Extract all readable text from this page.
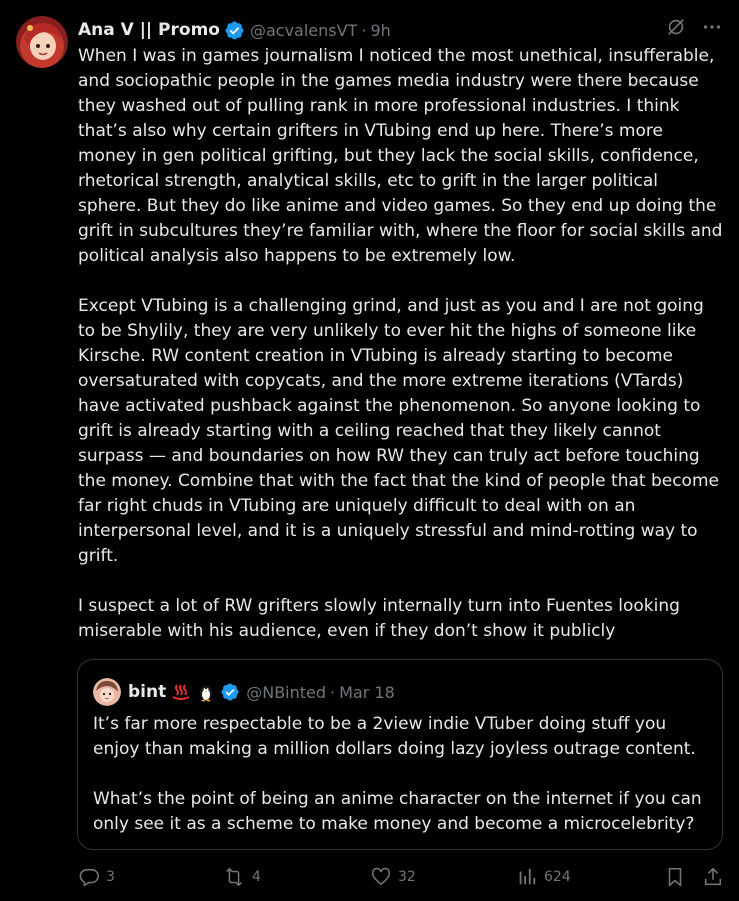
Ana V || Promo @acvalensVT · 9h

When I was in games journalism I noticed the most unethical, insufferable, and sociopathic people in the games media industry were there because they washed out of pulling rank in more professional industries. I think that’s also why certain grifters in VTubing end up here. There’s more money in gen political grifting, but they lack the social skills, confidence, rhetorical strength, analytical skills, etc to grift in the larger political sphere. But they do like anime and video games. So they end up doing the grift in subcultures they’re familiar with, where the floor for social skills and political analysis also happens to be extremely low.

Except VTubing is a challenging grind, and just as you and I are not going to be Shylily, they are very unlikely to ever hit the highs of someone like Kirsche. RW content creation in VTubing is already starting to become oversaturated with copycats, and the more extreme iterations (VTards) have activated pushback against the phenomenon. So anyone looking to grift is already starting with a ceiling reached that they likely cannot surpass — and boundaries on how RW they can truly act before touching the money. Combine that with the fact that the kind of people that become far right chuds in VTubing are uniquely difficult to deal with on an interpersonal level, and it is a uniquely stressful and mind-rotting way to grift.

I suspect a lot of RW grifters slowly internally turn into Fuentes looking miserable with his audience, even if they don’t show it publicly

bint	@NBinted · Mar 18

It’s far more respectable to be a 2view indie VTuber doing stuff you enjoy than making a million dollars doing lazy joyless outrage content.

What’s the point of being an anime character on the internet if you can only see it as a scheme to make money and become a microcelebrity?

3	4	32	624
